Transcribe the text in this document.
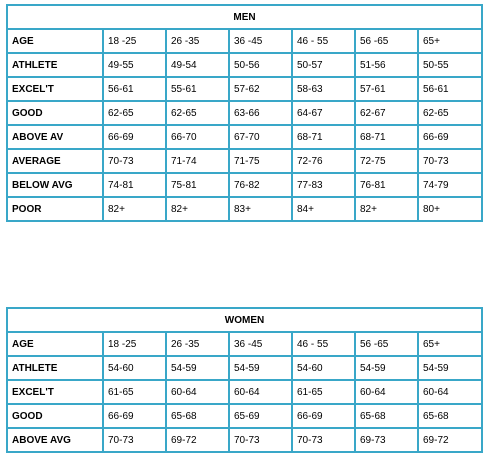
MEN						
AGE	18 -25	26 -35	36 -45	46 - 55	56 -65	65+
ATHLETE	49-55	49-54	50-56	50-57	51-56	50-55
EXCEL'T	56-61	55-61	57-62	58-63	57-61	56-61
GOOD	62-65	62-65	63-66	64-67	62-67	62-65
ABOVE AV	66-69	66-70	67-70	68-71	68-71	66-69
AVERAGE	70-73	71-74	71-75	72-76	72-75	70-73
BELOW AVG	74-81	75-81	76-82	77-83	76-81	74-79
POOR	82+	82+	83+	84+	82+	80+
WOMEN						
AGE	18 -25	26 -35	36 -45	46 - 55	56 -65	65+
ATHLETE	54-60	54-59	54-59	54-60	54-59	54-59
EXCEL'T	61-65	60-64	60-64	61-65	60-64	60-64
GOOD	66-69	65-68	65-69	66-69	65-68	65-68
ABOVE AVG	70-73	69-72	70-73	70-73	69-73	69-72
